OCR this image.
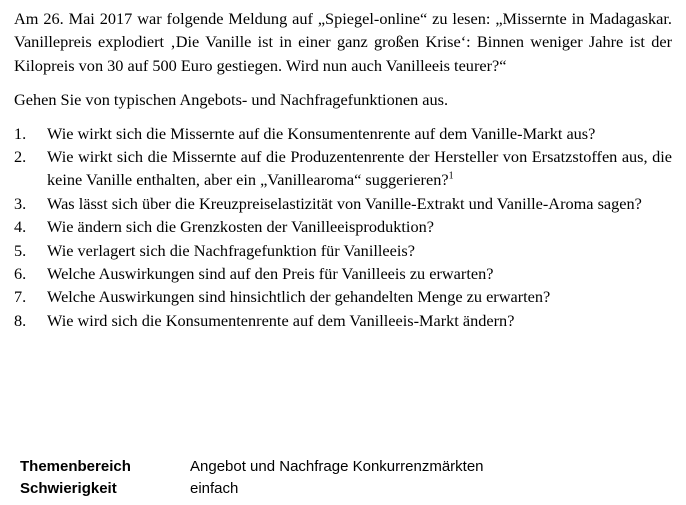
Am 26. Mai 2017 war folgende Meldung auf „Spiegel-online“ zu lesen: „Missernte in Madagaskar. Vanillepreis explodiert ‚Die Vanille ist in einer ganz großen Krise‘: Binnen weniger Jahre ist der Kilopreis von 30 auf 500 Euro gestiegen. Wird nun auch Vanilleeis teurer?“

Gehen Sie von typischen Angebots- und Nachfragefunktionen aus.

1. Wie wirkt sich die Missernte auf die Konsumentenrente auf dem Vanille-Markt aus?
2. Wie wirkt sich die Missernte auf die Produzentenrente der Hersteller von Ersatzstoffen aus, die keine Vanille enthalten, aber ein „Vanillearoma“ suggerieren?$^1$
3. Was lässt sich über die Kreuzpreiselastizität von Vanille-Extrakt und Vanille-Aroma sagen?
4. Wie ändern sich die Grenzkosten der Vanilleeisproduktion?
5. Wie verlagert sich die Nachfragefunktion für Vanilleeis?
6. Welche Auswirkungen sind auf den Preis für Vanilleeis zu erwarten?
7. Welche Auswirkungen sind hinsichtlich der gehandelten Menge zu erwarten?
8. Wie wird sich die Konsumentenrente auf dem Vanilleeis-Markt ändern?
Themenbereich	Angebot und Nachfrage Konkurrenzmärkten
Schwierigkeit	einfach
